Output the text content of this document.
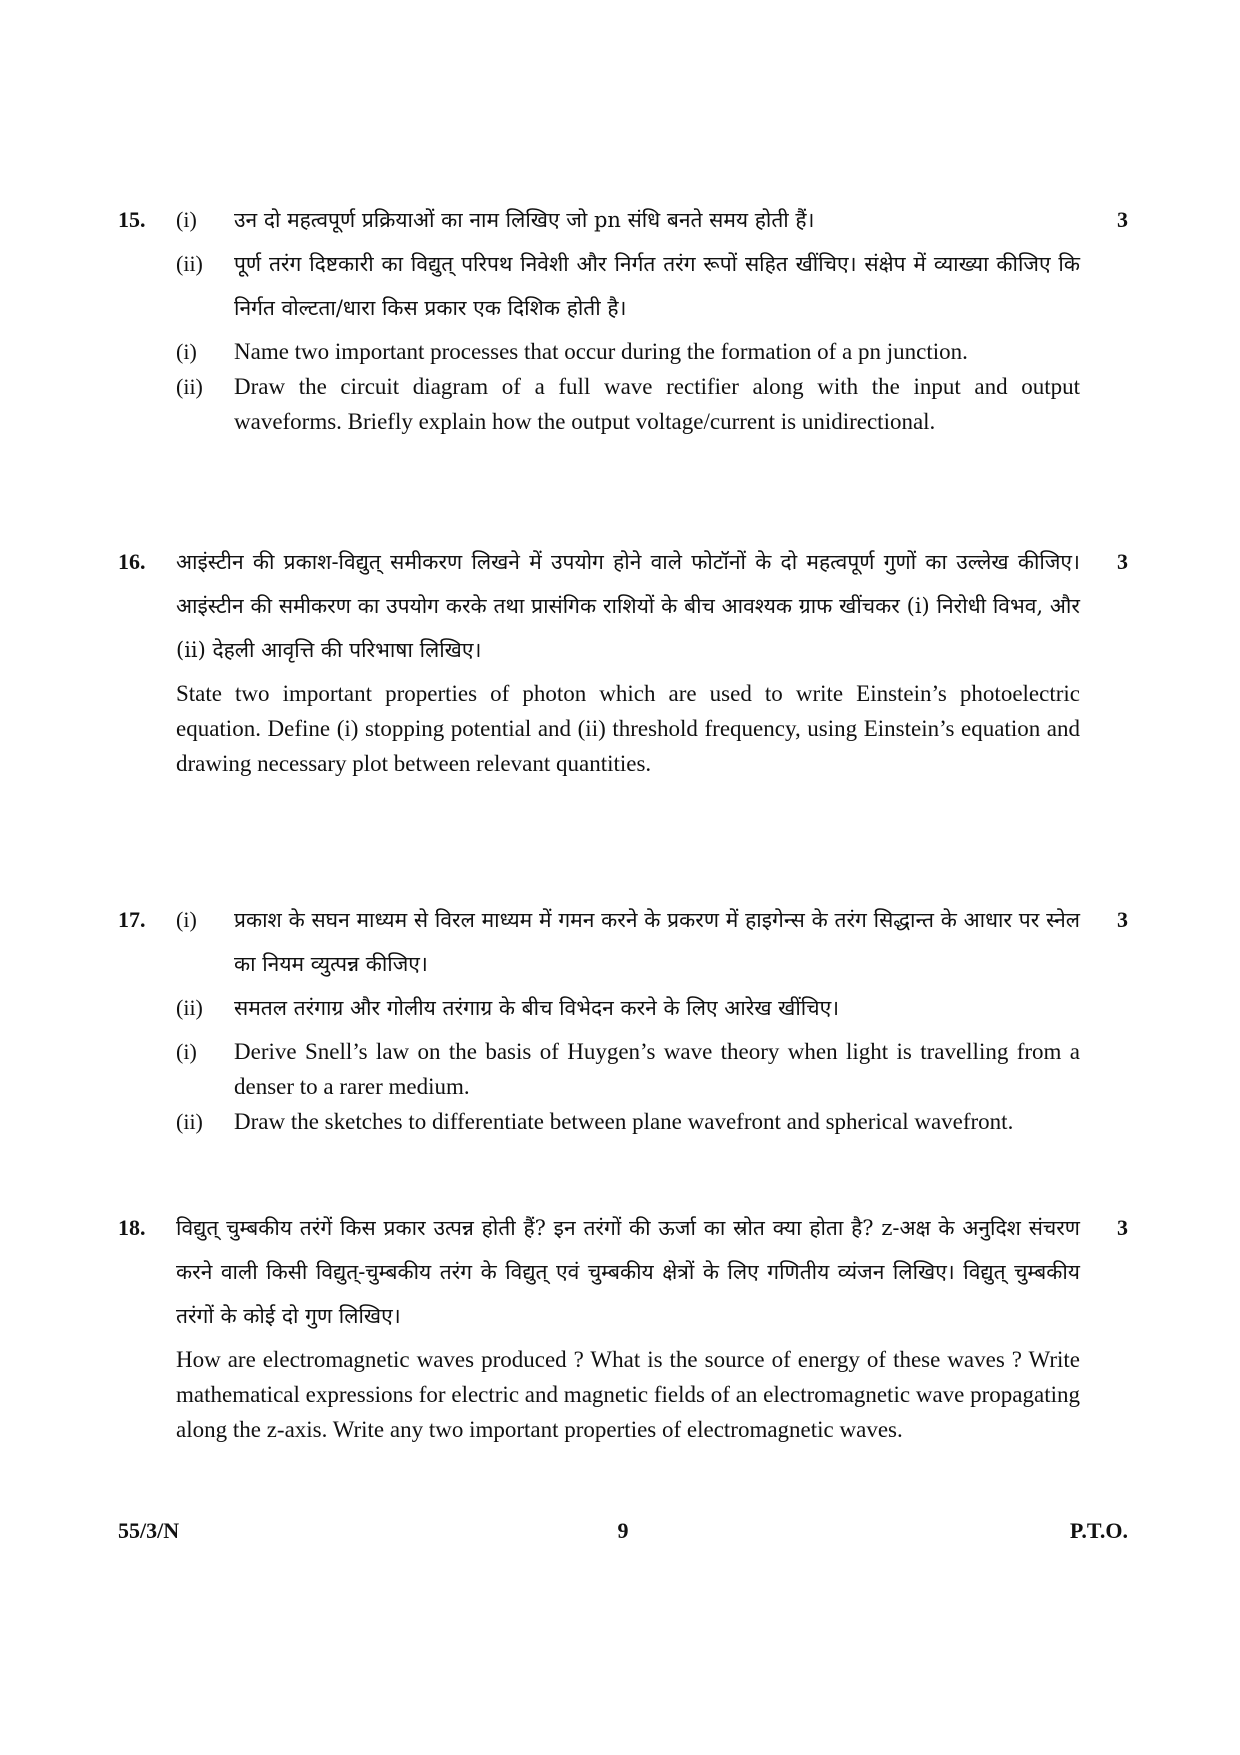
15.	(i)	उन दो महत्वपूर्ण प्रक्रियाओं का नाम लिखिए जो pn संधि बनते समय होती हैं।

(ii)	पूर्ण तरंग दिष्टकारी का विद्युत् परिपथ निवेशी और निर्गत तरंग रूपों सहित खींचिए। संक्षेप में व्याख्या कीजिए कि निर्गत वोल्टता/धारा किस प्रकार एक दिशिक होती है।

(i)	Name two important processes that occur during the formation of a pn junction.

(ii)	Draw the circuit diagram of a full wave rectifier along with the input and output waveforms. Briefly explain how the output voltage/current is unidirectional.

3
16.	आइंस्टीन की प्रकाश-विद्युत् समीकरण लिखने में उपयोग होने वाले फोटॉनों के दो महत्वपूर्ण गुणों का उल्लेख कीजिए। आइंस्टीन की समीकरण का उपयोग करके तथा प्रासंगिक राशियों के बीच आवश्यक ग्राफ खींचकर (i) निरोधी विभव, और (ii) देहली आवृत्ति की परिभाषा लिखिए।

State two important properties of photon which are used to write Einstein’s photoelectric equation. Define (i) stopping potential and (ii) threshold frequency, using Einstein’s equation and drawing necessary plot between relevant quantities.

3
17.	(i)	प्रकाश के सघन माध्यम से विरल माध्यम में गमन करने के प्रकरण में हाइगेन्स के तरंग सिद्धान्त के आधार पर स्नेल का नियम व्युत्पन्न कीजिए।

(ii)	समतल तरंगाग्र और गोलीय तरंगाग्र के बीच विभेदन करने के लिए आरेख खींचिए।

(i)	Derive Snell’s law on the basis of Huygen’s wave theory when light is travelling from a denser to a rarer medium.

(ii)	Draw the sketches to differentiate between plane wavefront and spherical wavefront.

3
18.	विद्युत् चुम्बकीय तरंगें किस प्रकार उत्पन्न होती हैं? इन तरंगों की ऊर्जा का स्रोत क्या होता है? z-अक्ष के अनुदिश संचरण करने वाली किसी विद्युत्-चुम्बकीय तरंग के विद्युत् एवं चुम्बकीय क्षेत्रों के लिए गणितीय व्यंजन लिखिए। विद्युत् चुम्बकीय तरंगों के कोई दो गुण लिखिए।

How are electromagnetic waves produced ? What is the source of energy of these waves ? Write mathematical expressions for electric and magnetic fields of an electromagnetic wave propagating along the z-axis. Write any two important properties of electromagnetic waves.

3
55/3/N	9	P.T.O.
